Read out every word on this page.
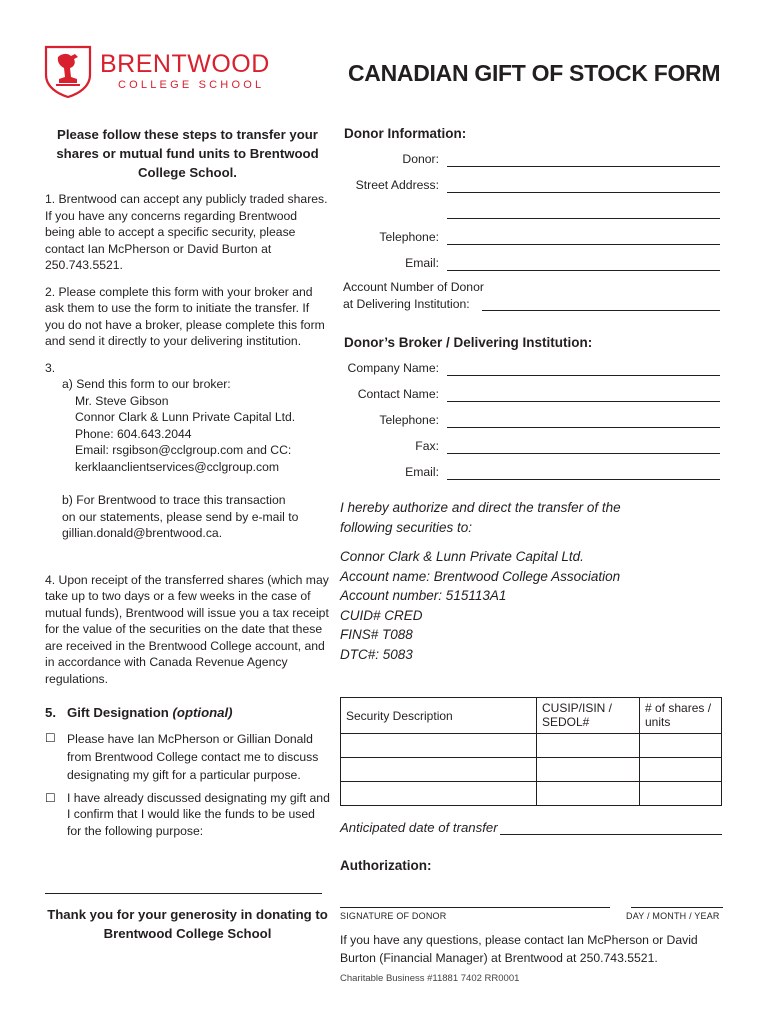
BRENTWOOD
COLLEGE SCHOOL	CANADIAN GIFT OF STOCK FORM
Please follow these steps to transfer your shares or mutual fund units to Brentwood College School.
1. Brentwood can accept any publicly traded shares. If you have any concerns regarding Brentwood being able to accept a specific security, please contact Ian McPherson or David Burton at 250.743.5521.
2. Please complete this form with your broker and ask them to use the form to initiate the transfer. If you do not have a broker, please complete this form and send it directly to your delivering institution.
3.
a) Send this form to our broker:
Mr. Steve Gibson
Connor Clark & Lunn Private Capital Ltd.
Phone: 604.643.2044
Email: rsgibson@cclgroup.com and CC:
kerklaanclientservices@cclgroup.com
b) For Brentwood to trace this transaction on our statements, please send by e-mail to gillian.donald@brentwood.ca.
4. Upon receipt of the transferred shares (which may take up to two days or a few weeks in the case of mutual funds), Brentwood will issue you a tax receipt for the value of the securities on the date that these are received in the Brentwood College account, and in accordance with Canada Revenue Agency regulations.
5. Gift Designation (optional)
☐ Please have Ian McPherson or Gillian Donald from Brentwood College contact me to discuss designating my gift for a particular purpose.
☐ I have already discussed designating my gift and I confirm that I would like the funds to be used for the following purpose:
Thank you for your generosity in donating to Brentwood College School
Donor Information:
Donor:
Street Address:
Telephone:
Email:
Account Number of Donor
at Delivering Institution:
Donor’s Broker / Delivering Institution:
Company Name:
Contact Name:
Telephone:
Fax:
Email:
I hereby authorize and direct the transfer of the following securities to:
Connor Clark & Lunn Private Capital Ltd.
Account name: Brentwood College Association
Account number: 515113A1
CUID# CRED
FINS# T088
DTC#: 5083
Security Description	CUSIP/ISIN / SEDOL#	# of shares / units

Anticipated date of transfer
Authorization:
SIGNATURE OF DONOR	DAY / MONTH / YEAR
If you have any questions, please contact Ian McPherson or David Burton (Financial Manager) at Brentwood at 250.743.5521.
Charitable Business #11881 7402 RR0001
